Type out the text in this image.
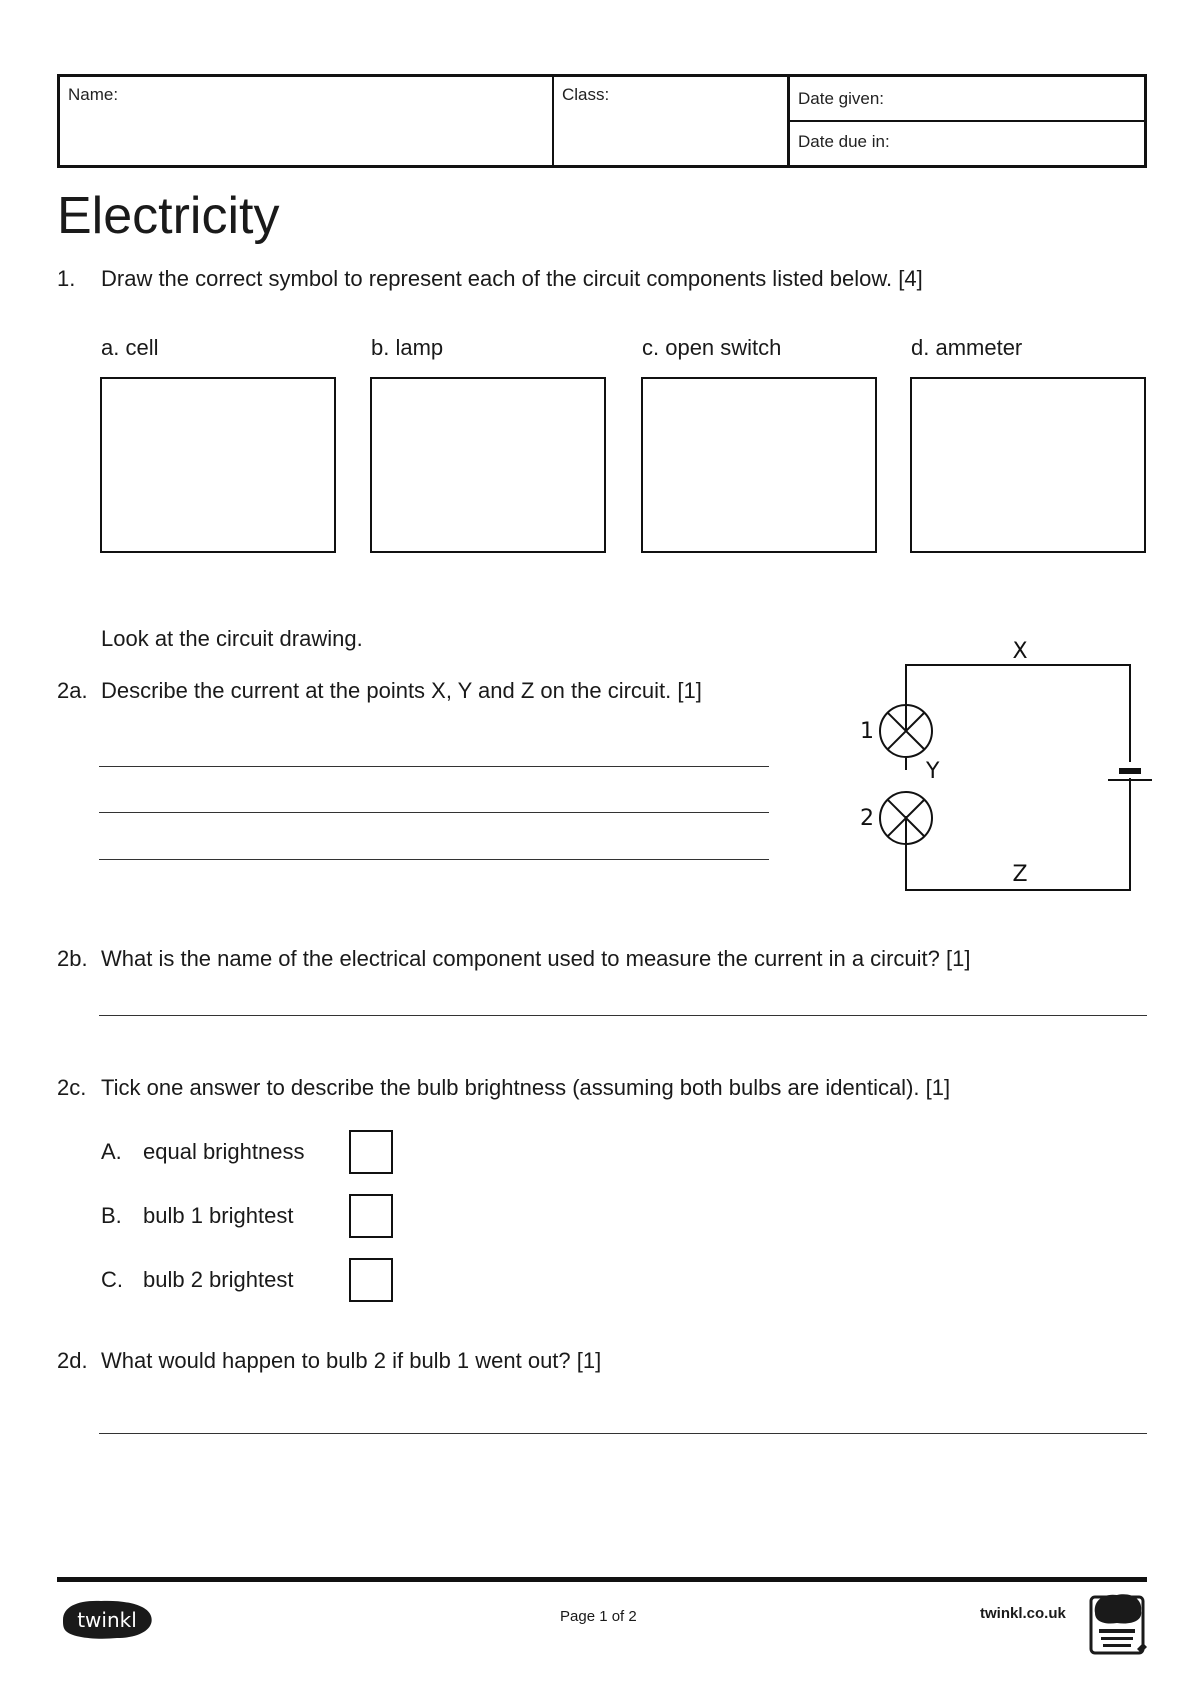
Name:	Class:	Date given:
Date due in:
Electricity
1. Draw the correct symbol to represent each of the circuit components listed below. [4]
a. cell	b. lamp	c. open switch	d. ammeter
Look at the circuit drawing.
2a. Describe the current at the points X, Y and Z on the circuit. [1]
X
Y
Z
1
2
2b. What is the name of the electrical component used to measure the current in a circuit? [1]
2c. Tick one answer to describe the bulb brightness (assuming both bulbs are identical). [1]
A. equal brightness
B. bulb 1 brightest
C. bulb 2 brightest
2d. What would happen to bulb 2 if bulb 1 went out? [1]
twinkl	Page 1 of 2	twinkl.co.uk
